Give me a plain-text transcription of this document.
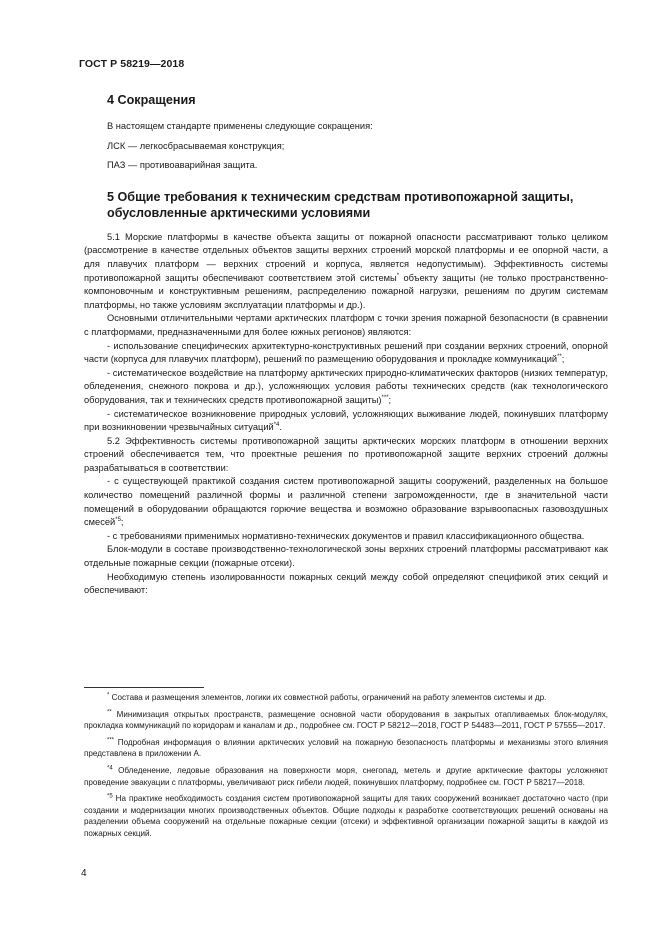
ГОСТ Р 58219—2018
4 Сокращения

В настоящем стандарте применены следующие сокращения:

ЛСК — легкосбрасываемая конструкция;

ПАЗ — противоаварийная защита.

5 Общие требования к техническим средствам противопожарной защиты,
обусловленные арктическими условиями

5.1 Морские платформы в качестве объекта защиты от пожарной опасности рассматривают только целиком (рассмотрение в качестве отдельных объектов защиты верхних строений морской платформы и ее опорной части, а для плавучих платформ — верхних строений и корпуса, является недопустимым). Эффективность системы противопожарной защиты обеспечивают соответствием этой системы* объекту защиты (не только пространственно-компоновочным и конструктивным решениям, распределению пожарной нагрузки, решениям по другим системам платформы, но также условиям эксплуатации платформы и др.).

Основными отличительными чертами арктических платформ с точки зрения пожарной безопасности (в сравнении с платформами, предназначенными для более южных регионов) являются:

- использование специфических архитектурно-конструктивных решений при создании верхних строений, опорной части (корпуса для плавучих платформ), решений по размещению оборудования и прокладке коммуникаций**;

- систематическое воздействие на платформу арктических природно-климатических факторов (низких температур, обледенения, снежного покрова и др.), усложняющих условия работы технических средств (как технологического оборудования, так и технических средств противопожарной защиты)***;

- систематическое возникновение природных условий, усложняющих выживание людей, покинувших платформу при возникновении чрезвычайных ситуаций$^{*4}$.

5.2 Эффективность системы противопожарной защиты арктических морских платформ в отношении верхних строений обеспечивается тем, что проектные решения по противопожарной защите верхних строений должны разрабатываться в соответствии:

- с существующей практикой создания систем противопожарной защиты сооружений, разделенных на большое количество помещений различной формы и различной степени загроможденности, где в значительной части помещений в оборудовании обращаются горючие вещества и возможно образование взрывоопасных газовоздушных смесей$^{*5}$;

- с требованиями применимых нормативно-технических документов и правил классификационного общества.

Блок-модули в составе производственно-технологической зоны верхних строений платформы рассматривают как отдельные пожарные секции (пожарные отсеки).

Необходимую степень изолированности пожарных секций между собой определяют спецификой этих секций и обеспечивают:

* Состава и размещения элементов, логики их совместной работы, ограничений на работу элементов системы и др.

** Минимизация открытых пространств, размещение основной части оборудования в закрытых отапливаемых блок-модулях, прокладка коммуникаций по коридорам и каналам и др., подробнее см. ГОСТ Р 58212—2018, ГОСТ Р 54483—2011, ГОСТ Р 57555—2017.

*** Подробная информация о влиянии арктических условий на пожарную безопасность платформы и механизмы этого влияния представлена в приложении А.

$^{*4}$ Обледенение, ледовые образования на поверхности моря, снегопад, метель и другие арктические факторы усложняют проведение эвакуации с платформы, увеличивают риск гибели людей, покинувших платформу, подробнее см. ГОСТ Р 58217—2018.

$^{*5}$ На практике необходимость создания систем противопожарной защиты для таких сооружений возникает достаточно часто (при создании и модернизации многих производственных объектов. Общие подходы к разработке соответствующих решений основаны на разделении объема сооружений на отдельные пожарные секции (отсеки) и эффективной организации пожарной защиты в каждой из пожарных секций.

4
